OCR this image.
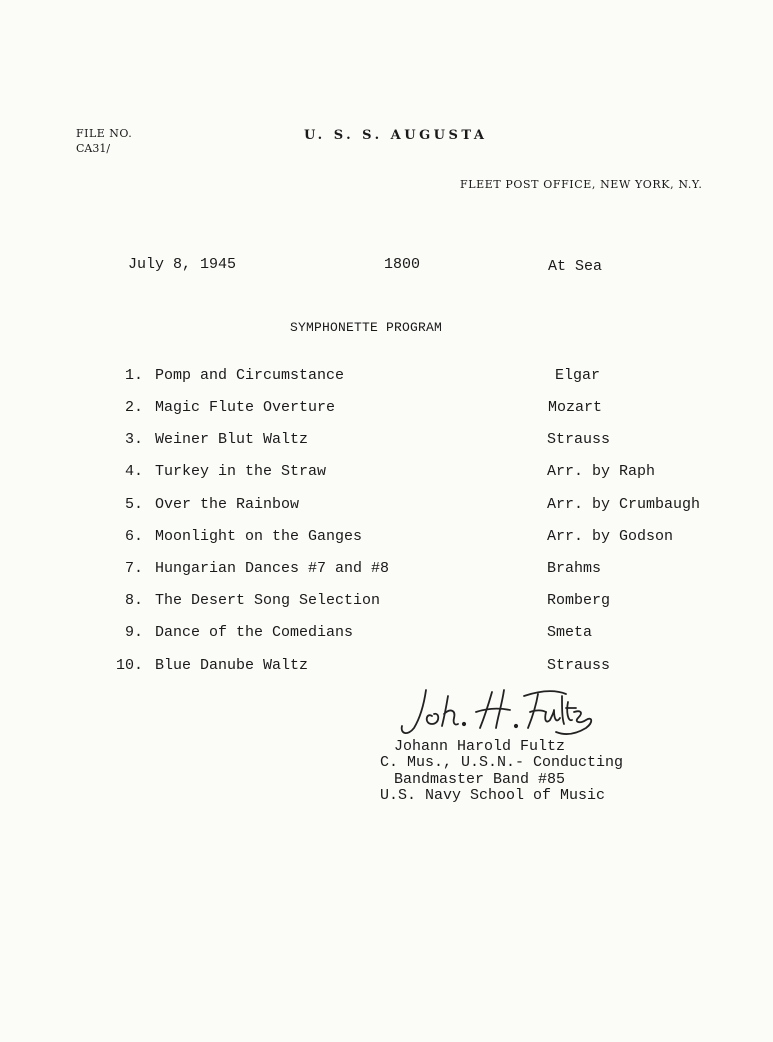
FILE NO.
CA31/
U. S. S. AUGUSTA
FLEET POST OFFICE, NEW YORK, N.Y.
July 8, 1945	1800	At Sea
SYMPHONETTE PROGRAM
1. Pomp and Circumstance	Elgar
2. Magic Flute Overture	Mozart
3. Weiner Blut Waltz	Strauss
4. Turkey in the Straw	Arr. by Raph
5. Over the Rainbow	Arr. by Crumbaugh
6. Moonlight on the Ganges	Arr. by Godson
7. Hungarian Dances #7 and #8	Brahms
8. The Desert Song Selection	Romberg
9. Dance of the Comedians	Smeta
10. Blue Danube Waltz	Strauss
Johann Harold Fultz
C. Mus., U.S.N.- Conducting
Bandmaster Band #85
U.S. Navy School of Music
